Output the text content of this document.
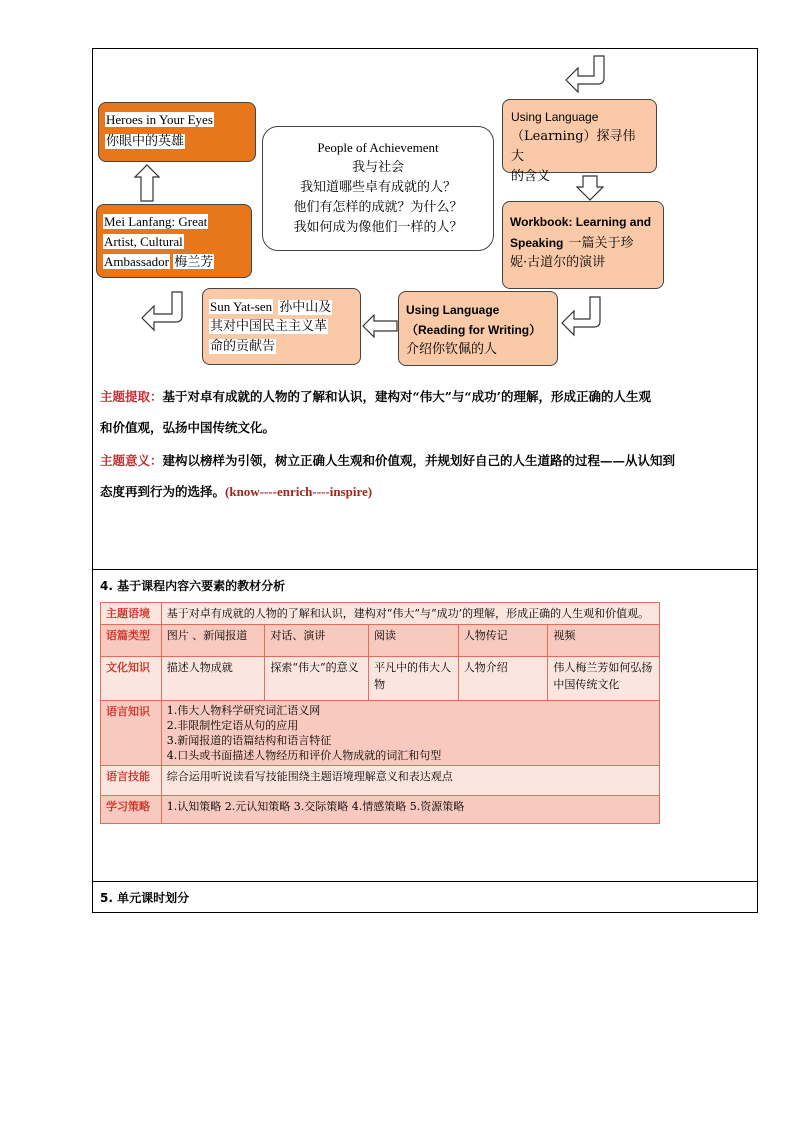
Heroes in Your Eyes
你眼中的英雄
Mei Lanfang: Great
Artist, Cultural
Ambassador 梅兰芳
People of Achievement
我与社会
我知道哪些卓有成就的人？
他们有怎样的成就？为什么？
我如何成为像他们一样的人？
Using Language
（Learning）探寻伟大
的含义
Workbook: Learning and
Speaking 一篇关于珍
妮·古道尔的演讲
Using Language
（Reading for Writing）
介绍你钦佩的人
Sun Yat-sen 孙中山及
其对中国民主主义革
命的贡献告
主题提取：基于对卓有成就的人物的了解和认识，建构对“伟大”与“成功’的理解，形成正确的人生观
和价值观，弘扬中国传统文化。
主题意义：建构以榜样为引领，树立正确人生观和价值观，并规划好自己的人生道路的过程——从认知到
态度再到行为的选择。(know----enrich----inspire)
4. 基于课程内容六要素的教材分析
主题语境	基于对卓有成就的人物的了解和认识，建构对“伟大”与“成功’的理解，形成正确的人生观和价值观。				
语篇类型	图片 、新闻报道	对话、演讲	阅读	人物传记	视频
文化知识	描述人物成就	探索“伟大”的意义	平凡中的伟大人物	人物介绍	伟人梅兰芳如何弘扬中国传统文化
语言知识	1.伟大人物科学研究词汇语义网
2.非限制性定语从句的应用
3.新闻报道的语篇结构和语言特征
4.口头或书面描述人物经历和评价人物成就的词汇和句型				

语言技能	综合运用听说读看写技能围绕主题语境理解意义和表达观点				
学习策略	1.认知策略 2.元认知策略 3.交际策略 4.情感策略 5.资源策略				
5. 单元课时划分
